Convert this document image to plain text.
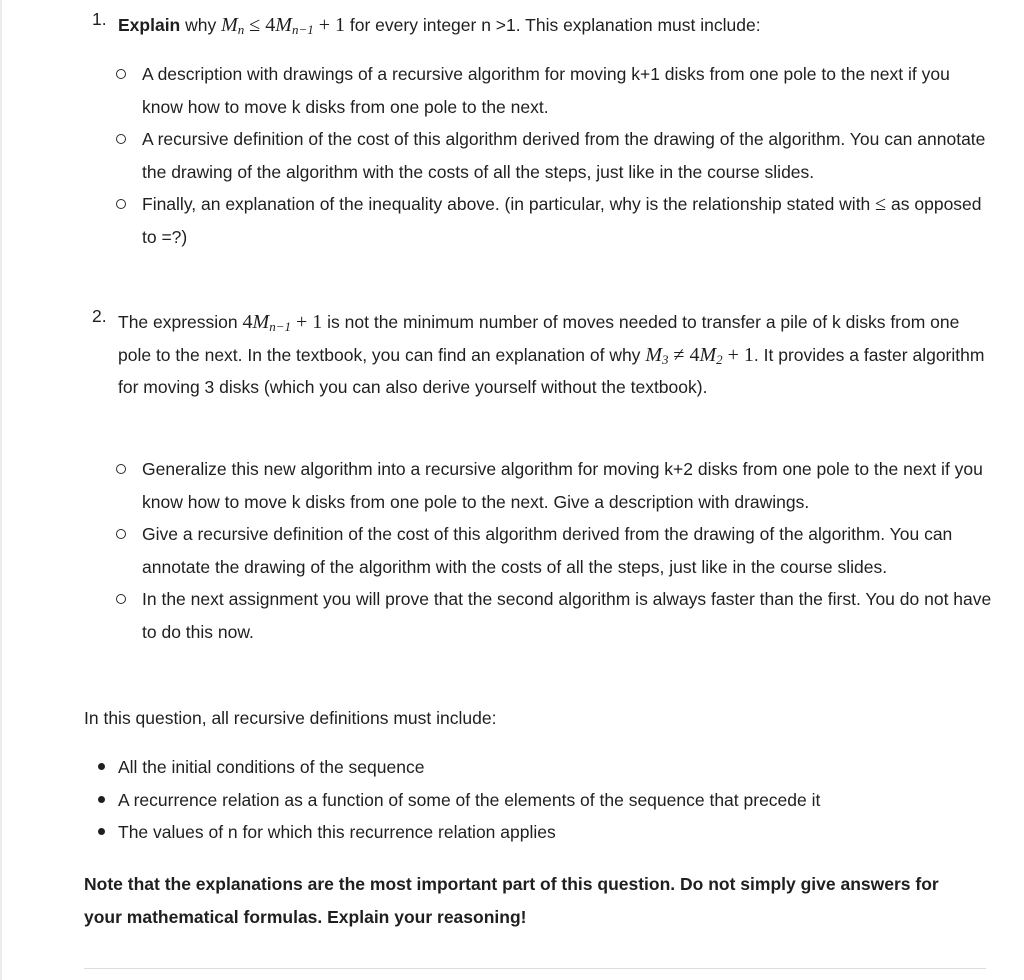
1. Explain why $M_n \le 4M_{n-1} + 1$ for every integer n >1. This explanation must include:
A description with drawings of a recursive algorithm for moving k+1 disks from one pole to the next if you know how to move k disks from one pole to the next.
A recursive definition of the cost of this algorithm derived from the drawing of the algorithm. You can annotate the drawing of the algorithm with the costs of all the steps, just like in the course slides.
Finally, an explanation of the inequality above. (in particular, why is the relationship stated with ≤ as opposed to =?)
2. The expression $4M_{n-1} + 1$ is not the minimum number of moves needed to transfer a pile of k disks from one pole to the next. In the textbook, you can find an explanation of why $M_3 \ne 4M_2 + 1$. It provides a faster algorithm for moving 3 disks (which you can also derive yourself without the textbook).
Generalize this new algorithm into a recursive algorithm for moving k+2 disks from one pole to the next if you know how to move k disks from one pole to the next. Give a description with drawings.
Give a recursive definition of the cost of this algorithm derived from the drawing of the algorithm. You can annotate the drawing of the algorithm with the costs of all the steps, just like in the course slides.
In the next assignment you will prove that the second algorithm is always faster than the first. You do not have to do this now.
In this question, all recursive definitions must include:
All the initial conditions of the sequence
A recurrence relation as a function of some of the elements of the sequence that precede it
The values of n for which this recurrence relation applies
Note that the explanations are the most important part of this question. Do not simply give answers for your mathematical formulas. Explain your reasoning!
